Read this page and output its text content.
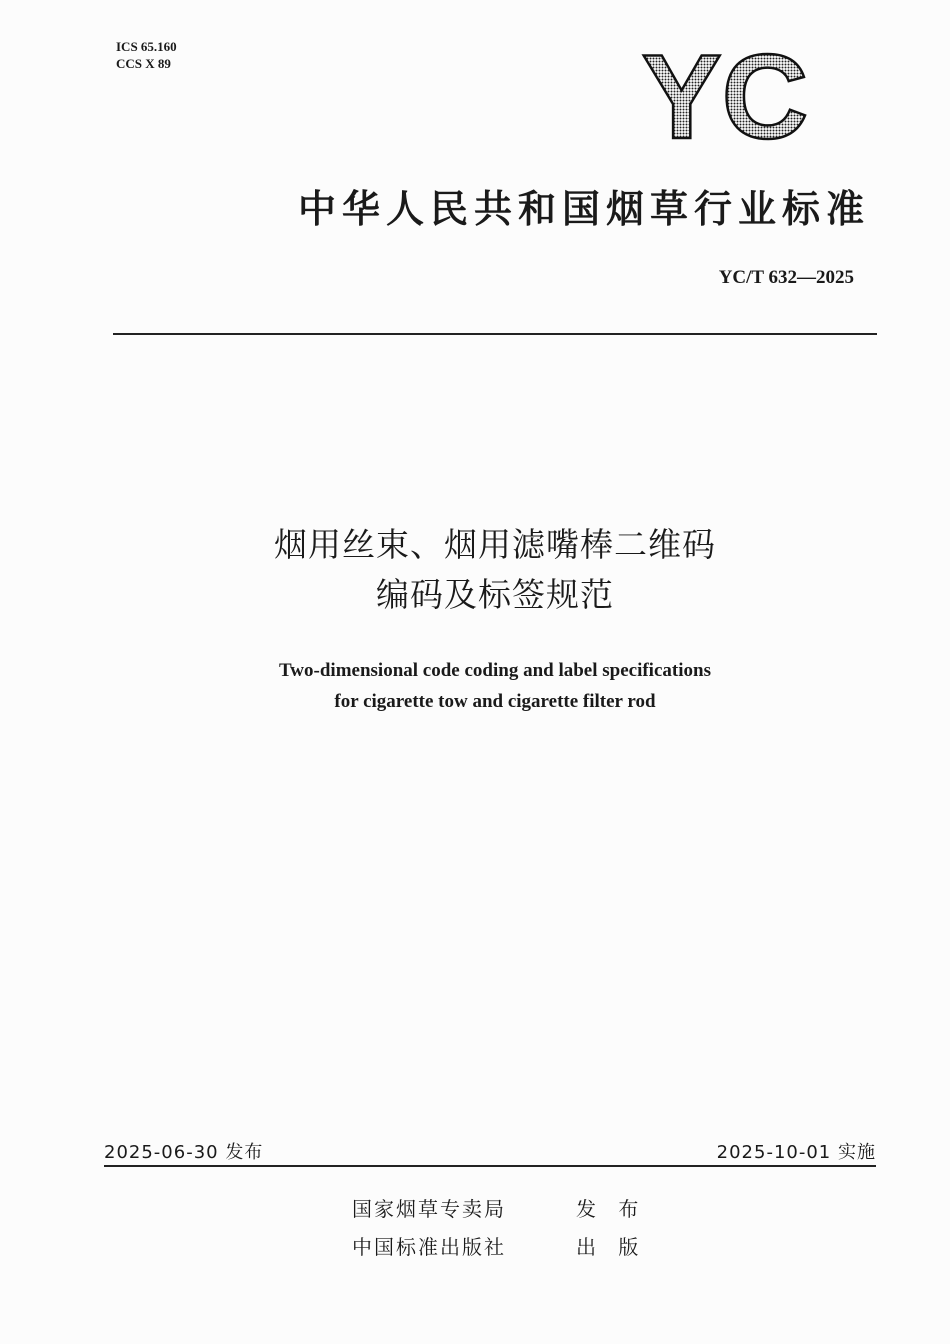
ICS 65.160
CCS X 89	YC
中华人民共和国烟草行业标准
YC/T 632—2025
烟用丝束、烟用滤嘴棒二维码
编码及标签规范
Two-dimensional code coding and label specifications
for cigarette tow and cigarette filter rod
2025-06-30 发布	2025-10-01 实施
国家烟草专卖局	发 布
中国标准出版社	出 版
